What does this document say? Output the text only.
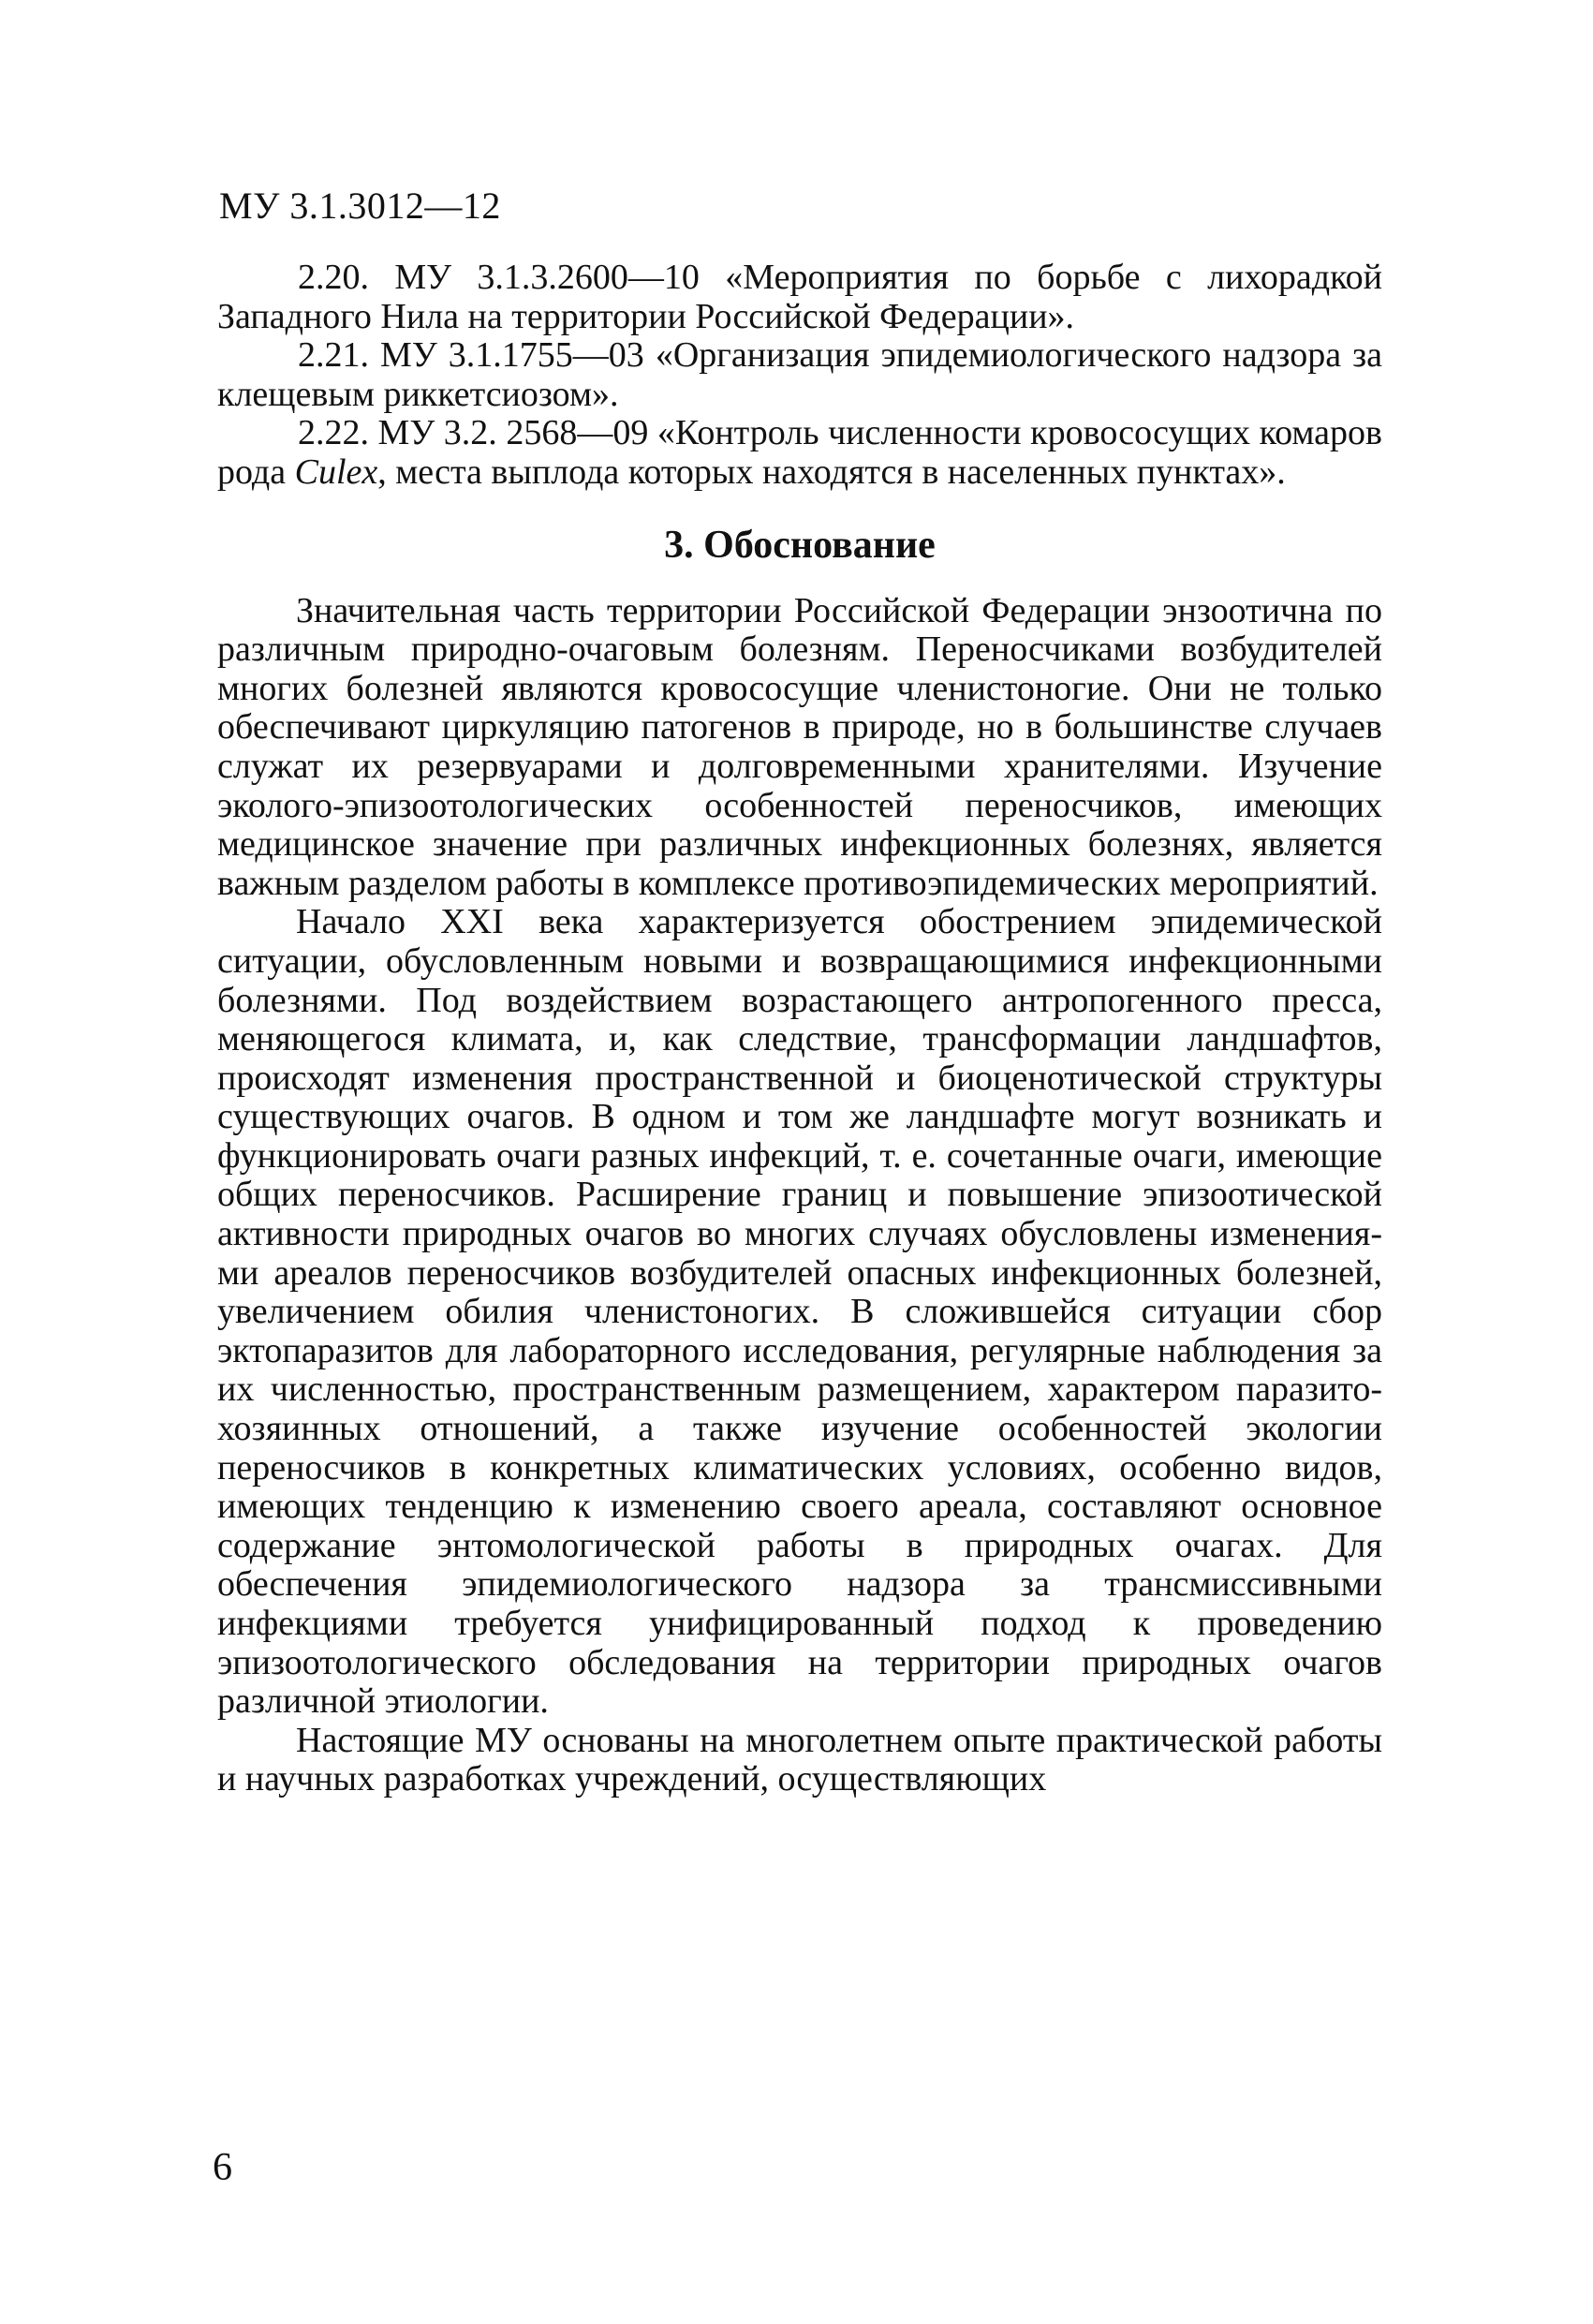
МУ 3.1.3012—12

2.20. МУ 3.1.3.2600—10 «Мероприятия по борьбе с лихорадкой Западного Нила на территории Российской Федерации».

2.21. МУ 3.1.1755—03 «Организация эпидемиологического надзора за клещевым риккетсиозом».

2.22. МУ 3.2. 2568—09 «Контроль численности кровососущих комаров рода Culex, места выплода которых находятся в населенных пунктах».

3. Обоснование

Значительная часть территории Российской Федерации энзоотична по различным природно-очаговым болезням. Переносчиками возбудителей многих болезней являются кровососущие членистоногие. Они не только обеспечивают циркуляцию патогенов в природе, но в большинстве случаев служат их резервуарами и долговременными хранителями. Изучение эколого-эпизоотологических особенностей переносчиков, имеющих медицинское значение при различных инфекционных болезнях, является важным разделом работы в комплексе противоэпидемических мероприятий.

Начало XXI века характеризуется обострением эпидемической ситуации, обусловленным новыми и возвращающимися инфекционными болезнями. Под воздействием возрастающего антропогенного пресса, меняющегося климата, и, как следствие, трансформации ландшафтов, происходят изменения пространственной и биоценотической структуры существующих очагов. В одном и том же ландшафте могут возникать и функционировать очаги разных инфекций, т. е. сочетанные очаги, имеющие общих переносчиков. Расширение границ и повышение эпизоотической активности природных очагов во многих случаях обусловлены изменениями ареалов переносчиков возбудителей опасных инфекционных болезней, увеличением обилия членистоногих. В сложившейся ситуации сбор эктопаразитов для лабораторного исследования, регулярные наблюдения за их численностью, пространственным размещением, характером паразито-хозяинных отношений, а также изучение особенностей экологии переносчиков в конкретных климатических условиях, особенно видов, имеющих тенденцию к изменению своего ареала, составляют основное содержание энтомологической работы в природных очагах. Для обеспечения эпидемиологического надзора за трансмиссивными инфекциями требуется унифицированный подход к проведению эпизоотологического обследования на территории природных очагов различной этиологии.

Настоящие МУ основаны на многолетнем опыте практической работы и научных разработках учреждений, осуществляющих

6
